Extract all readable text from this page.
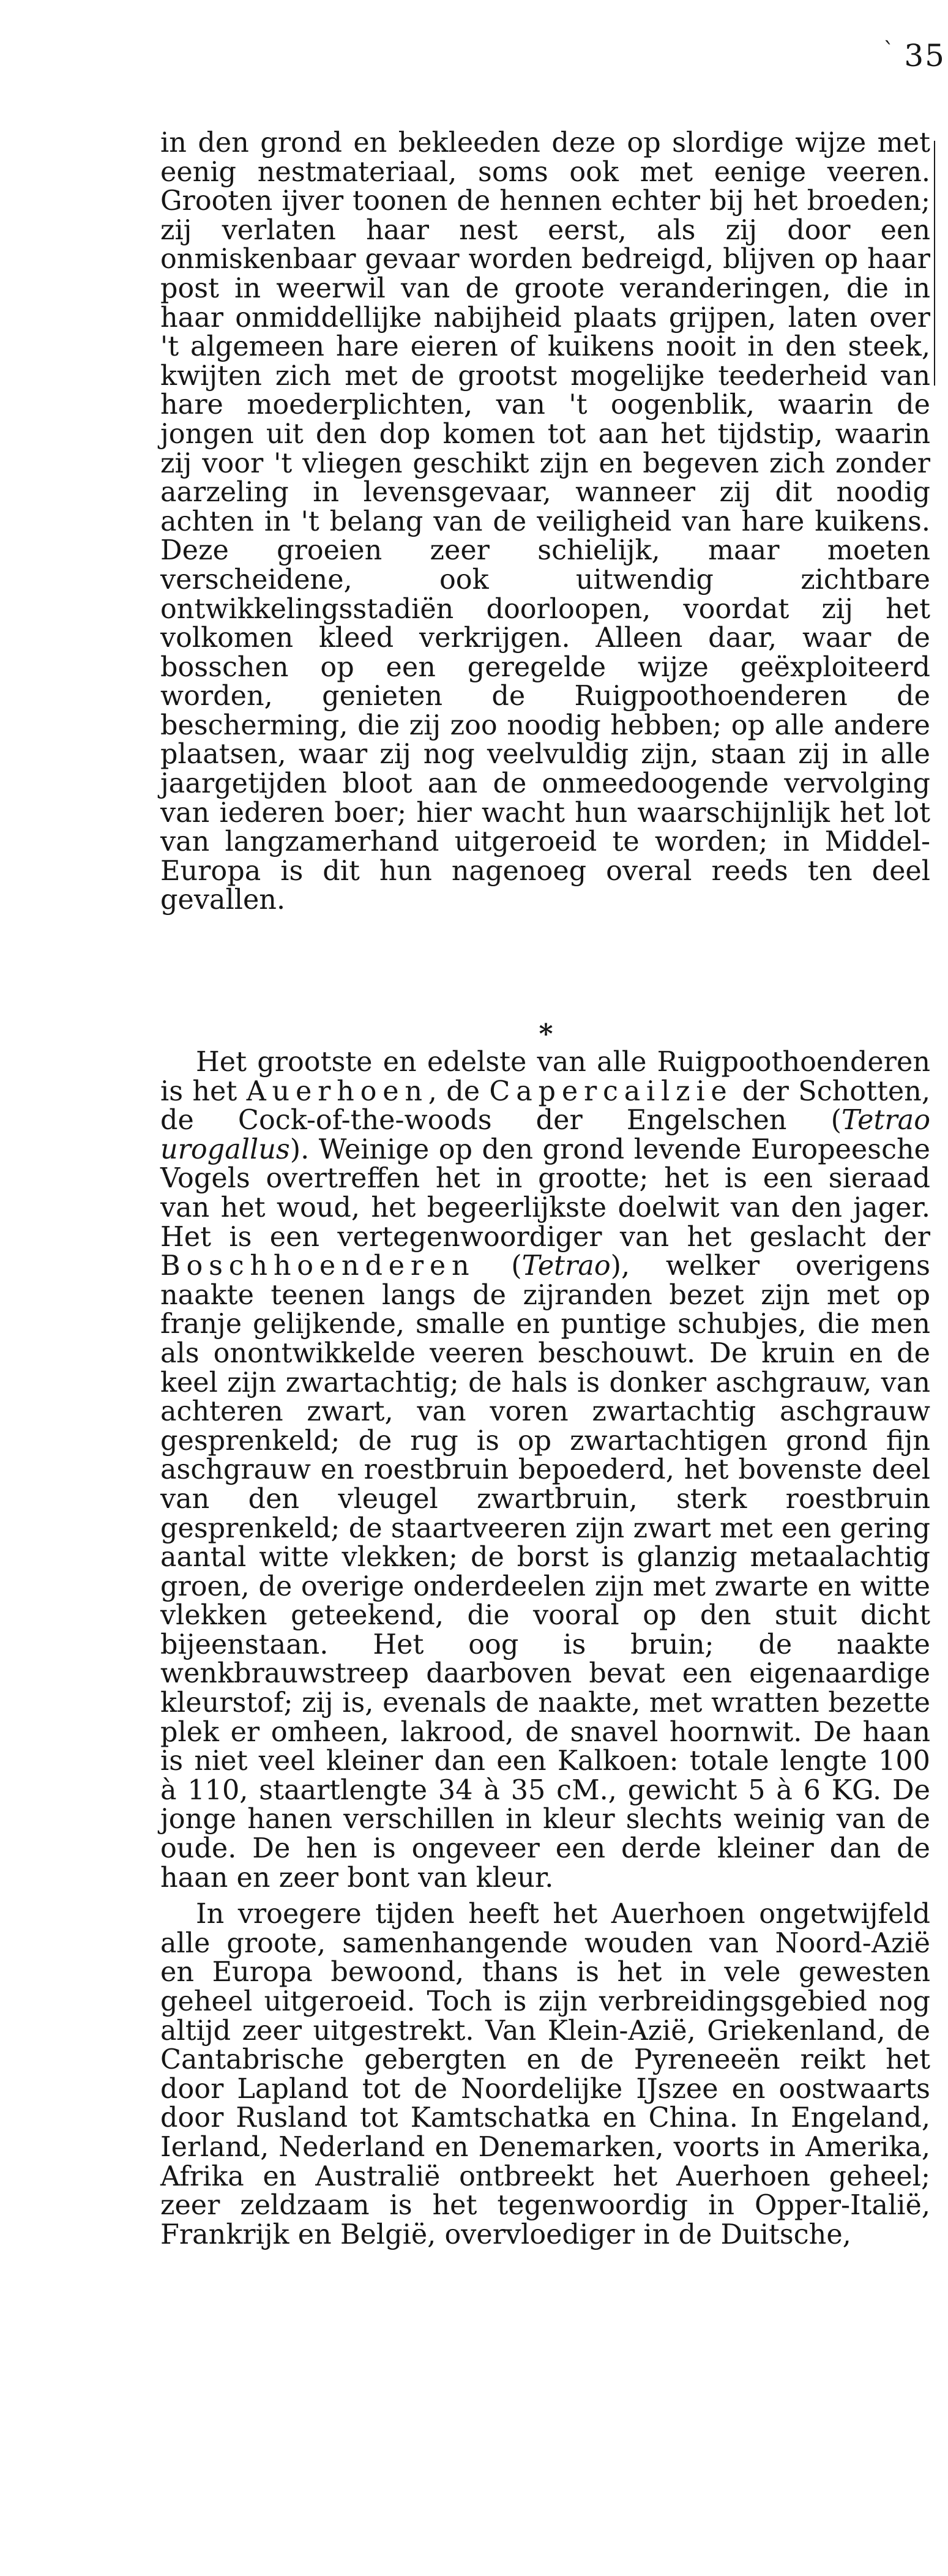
` 35

in den grond en bekleeden deze op slordige wijze met eenig nestmateriaal, soms ook met eenige veeren. Grooten ijver toonen de hennen echter bij het broeden; zij verlaten haar nest eerst, als zij door een onmiskenbaar gevaar worden bedreigd, blijven op haar post in weerwil van de groote veranderingen, die in haar onmiddellijke nabijheid plaats grijpen, laten over 't algemeen hare eieren of kuikens nooit in den steek, kwijten zich met de grootst mogelijke teederheid van hare moederplichten, van 't oogenblik, waarin de jongen uit den dop komen tot aan het tijdstip, waarin zij voor 't vliegen geschikt zijn en begeven zich zonder aarzeling in levensgevaar, wanneer zij dit noodig achten in 't belang van de veiligheid van hare kuikens. Deze groeien zeer schielijk, maar moeten verscheidene, ook uitwendig zichtbare ontwikkelingsstadiën doorloopen, voordat zij het volkomen kleed verkrijgen. Alleen daar, waar de bosschen op een geregelde wijze geëxploiteerd worden, genieten de Ruigpoothoenderen de bescherming, die zij zoo noodig hebben; op alle andere plaatsen, waar zij nog veelvuldig zijn, staan zij in alle jaargetijden bloot aan de onmeedoogende vervolging van iederen boer; hier wacht hun waarschijnlijk het lot van langzamerhand uitgeroeid te worden; in Middel-Europa is dit hun nagenoeg overal reeds ten deel gevallen.

*

Het grootste en edelste van alle Ruigpoothoenderen is het Auerhoen, de Capercailzie der Schotten, de Cock-of-the-woods der Engelschen (Tetrao urogallus). Weinige op den grond levende Europeesche Vogels overtreffen het in grootte; het is een sieraad van het woud, het begeerlijkste doelwit van den jager. Het is een vertegenwoordiger van het geslacht der Boschhoenderen (Tetrao), welker overigens naakte teenen langs de zijranden bezet zijn met op franje gelijkende, smalle en puntige schubjes, die men als onontwikkelde veeren beschouwt. De kruin en de keel zijn zwartachtig; de hals is donker aschgrauw, van achteren zwart, van voren zwartachtig aschgrauw gesprenkeld; de rug is op zwartachtigen grond fijn aschgrauw en roestbruin bepoederd, het bovenste deel van den vleugel zwartbruin, sterk roestbruin gesprenkeld; de staartveeren zijn zwart met een gering aantal witte vlekken; de borst is glanzig metaalachtig groen, de overige onderdeelen zijn met zwarte en witte vlekken geteekend, die vooral op den stuit dicht bijeenstaan. Het oog is bruin; de naakte wenkbrauwstreep daarboven bevat een eigenaardige kleurstof; zij is, evenals de naakte, met wratten bezette plek er omheen, lakrood, de snavel hoornwit. De haan is niet veel kleiner dan een Kalkoen: totale lengte 100 à 110, staartlengte 34 à 35 cM., gewicht 5 à 6 KG. De jonge hanen verschillen in kleur slechts weinig van de oude. De hen is ongeveer een derde kleiner dan de haan en zeer bont van kleur.

In vroegere tijden heeft het Auerhoen ongetwijfeld alle groote, samenhangende wouden van Noord-Azië en Europa bewoond, thans is het in vele gewesten geheel uitgeroeid. Toch is zijn verbreidingsgebied nog altijd zeer uitgestrekt. Van Klein-Azië, Griekenland, de Cantabrische gebergten en de Pyreneeën reikt het door Lapland tot de Noordelijke IJszee en oostwaarts door Rusland tot Kamtschatka en China. In Engeland, Ierland, Nederland en Denemarken, voorts in Amerika, Afrika en Australië ontbreekt het Auerhoen geheel; zeer zeldzaam is het tegenwoordig in Opper-Italië, Frankrijk en België, overvloediger in de Duitsche,
